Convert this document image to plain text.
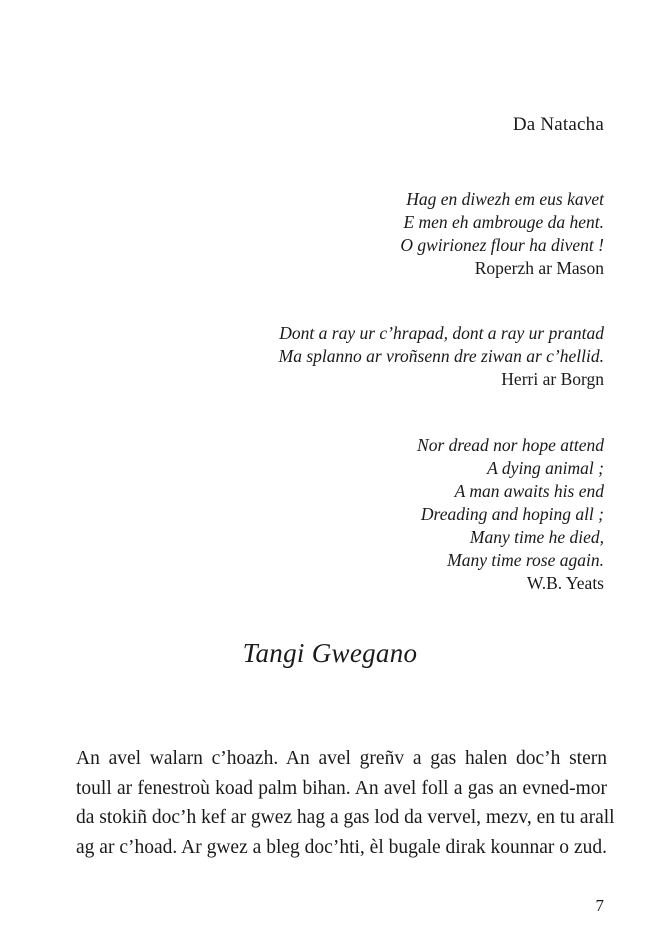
Da Natacha
Hag en diwezh em eus kavet
E men eh ambrouge da hent.
O gwirionez flour ha divent !
Roperzh ar Mason
Dont a ray ur c’hrapad, dont a ray ur prantad
Ma splanno ar vroñsenn dre ziwan ar c’hellid.
Herri ar Borgn
Nor dread nor hope attend
A dying animal ;
A man awaits his end
Dreading and hoping all ;
Many time he died,
Many time rose again.
W.B. Yeats
Tangi Gwegano
An avel walarn c’hoazh. An avel greñv a gas halen doc’h stern
toull ar fenestroù koad palm bihan. An avel foll a gas an evned-mor
da stokiñ doc’h kef ar gwez hag a gas lod da vervel, mezv, en tu arall
ag ar c’hoad. Ar gwez a bleg doc’hti, èl bugale dirak kounnar o zud.
7
